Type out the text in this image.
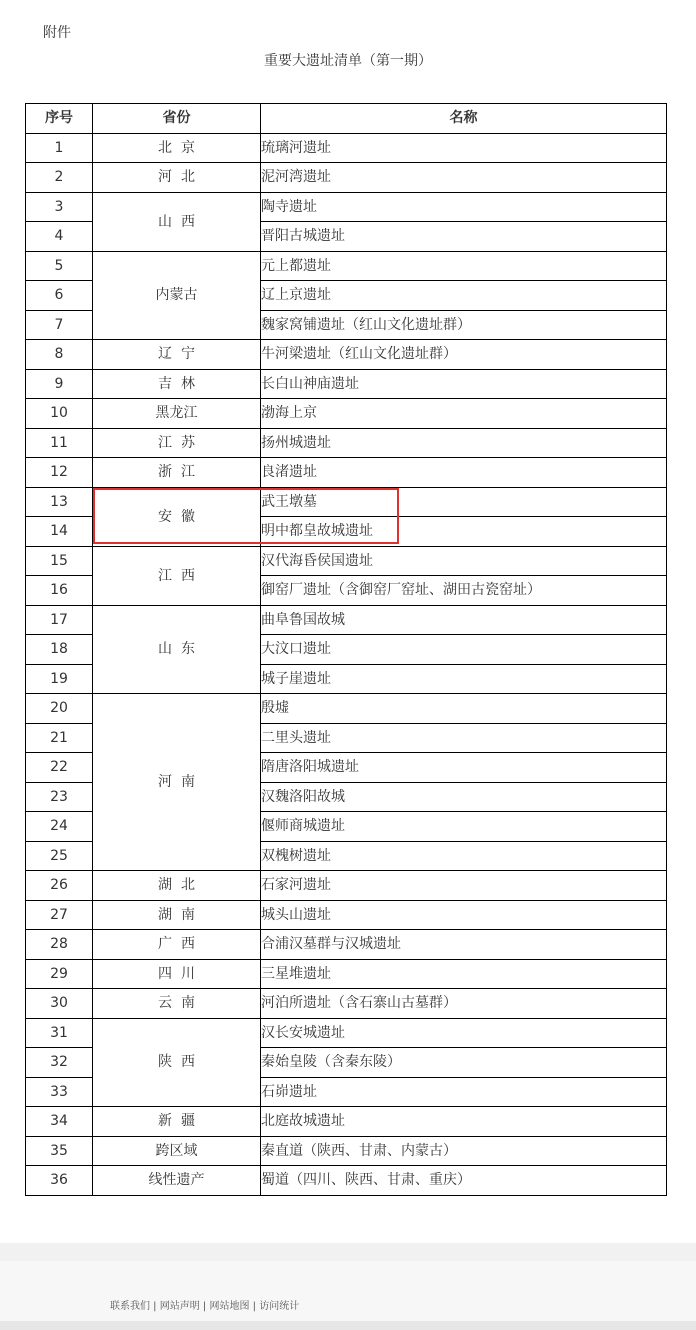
附件
重要大遗址清单（第一期）
序号	省份	名称
1	北  京	琉璃河遗址
2	河  北	泥河湾遗址
3	山  西	陶寺遗址
4		晋阳古城遗址
5	内蒙古	元上都遗址
6		辽上京遗址
7		魏家窝铺遗址（红山文化遗址群）
8	辽  宁	牛河梁遗址（红山文化遗址群）
9	吉  林	长白山神庙遗址
10	黑龙江	渤海上京
11	江  苏	扬州城遗址
12	浙  江	良渚遗址
13	安  徽	武王墩墓
14		明中都皇故城遗址
15	江  西	汉代海昏侯国遗址
16		御窑厂遗址（含御窑厂窑址、湖田古瓷窑址）
17	山  东	曲阜鲁国故城
18		大汶口遗址
19		城子崖遗址
20	河  南	殷墟
21		二里头遗址
22		隋唐洛阳城遗址
23		汉魏洛阳故城
24		偃师商城遗址
25		双槐树遗址
26	湖  北	石家河遗址
27	湖  南	城头山遗址
28	广  西	合浦汉墓群与汉城遗址
29	四  川	三星堆遗址
30	云  南	河泊所遗址（含石寨山古墓群）
31	陕  西	汉长安城遗址
32		秦始皇陵（含秦东陵）
33		石峁遗址
34	新  疆	北庭故城遗址
35	跨区域	秦直道（陕西、甘肃、内蒙古）
36	线性遗产	蜀道（四川、陕西、甘肃、重庆）
联系我们 | 网站声明 | 网站地图 | 访问统计
